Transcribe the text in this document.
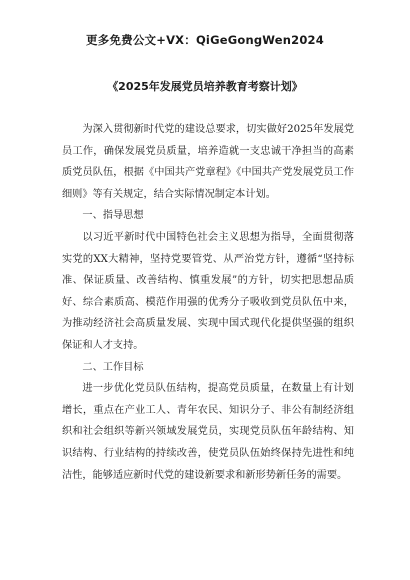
更多免费公文+VX：QiGeGongWen2024
《2025年发展党员培养教育考察计划》

为深入贯彻新时代党的建设总要求，切实做好2025年发展党员工作，确保发展党员质量，培养造就一支忠诚干净担当的高素质党员队伍，根据《中国共产党章程》《中国共产党发展党员工作细则》等有关规定，结合实际情况制定本计划。

一、指导思想

以习近平新时代中国特色社会主义思想为指导，全面贯彻落实党的XX大精神，坚持党要管党、从严治党方针，遵循“坚持标准、保证质量、改善结构、慎重发展”的方针，切实把思想品质好、综合素质高、模范作用强的优秀分子吸收到党员队伍中来，为推动经济社会高质量发展、实现中国式现代化提供坚强的组织保证和人才支持。

二、工作目标

进一步优化党员队伍结构，提高党员质量，在数量上有计划增长，重点在产业工人、青年农民、知识分子、非公有制经济组织和社会组织等新兴领域发展党员，实现党员队伍年龄结构、知识结构、行业结构的持续改善，使党员队伍始终保持先进性和纯洁性，能够适应新时代党的建设新要求和新形势新任务的需要。
